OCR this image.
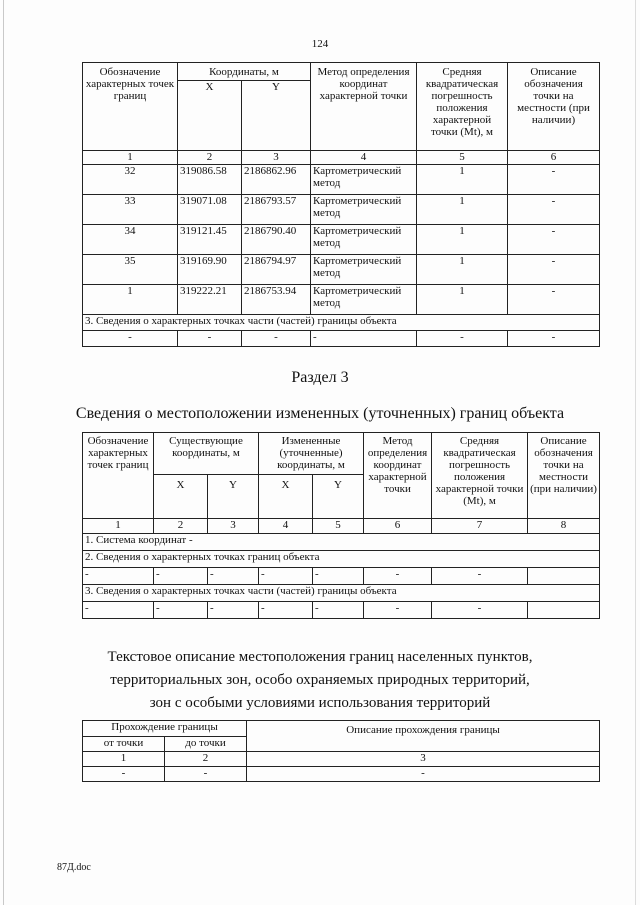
124
Обозначение характерных точек границ	Координаты, м		Метод определения координат характерной точки	Средняя квадратическая погрешность положения характерной точки (Mt), м	Описание обозначения точки на местности (при наличии)
	X	Y			
1	2	3	4	5	6
32	319086.58	2186862.96	Картометрический метод	1	-
33	319071.08	2186793.57	Картометрический метод	1	-
34	319121.45	2186790.40	Картометрический метод	1	-
35	319169.90	2186794.97	Картометрический метод	1	-
1	319222.21	2186753.94	Картометрический метод	1	-
3. Сведения о характерных точках части (частей) границы объекта					
-	-	-	-	-	-
Раздел 3
Сведения о местоположении измененных (уточненных) границ объекта
Обозначение характерных точек границ	Существующие координаты, м		Измененные (уточненные) координаты, м		Метод определения координат характерной точки	Средняя квадратическая погрешность положения характерной точки (Mt), м	Описание обозначения точки на местности (при наличии)
	X	Y	X	Y			
1	2	3	4	5	6	7	8
1. Система координат -							
2. Сведения о характерных точках границ объекта							
-	-	-	-	-	-	-	
3. Сведения о характерных точках части (частей) границы объекта							
-	-	-	-	-	-	-	
Текстовое описание местоположения границ населенных пунктов, территориальных зон, особо охраняемых природных территорий, зон с особыми условиями использования территорий
Прохождение границы		Описание прохождения границы
от точки	до точки	
1	2	3
-	-	-
87Д.doc
